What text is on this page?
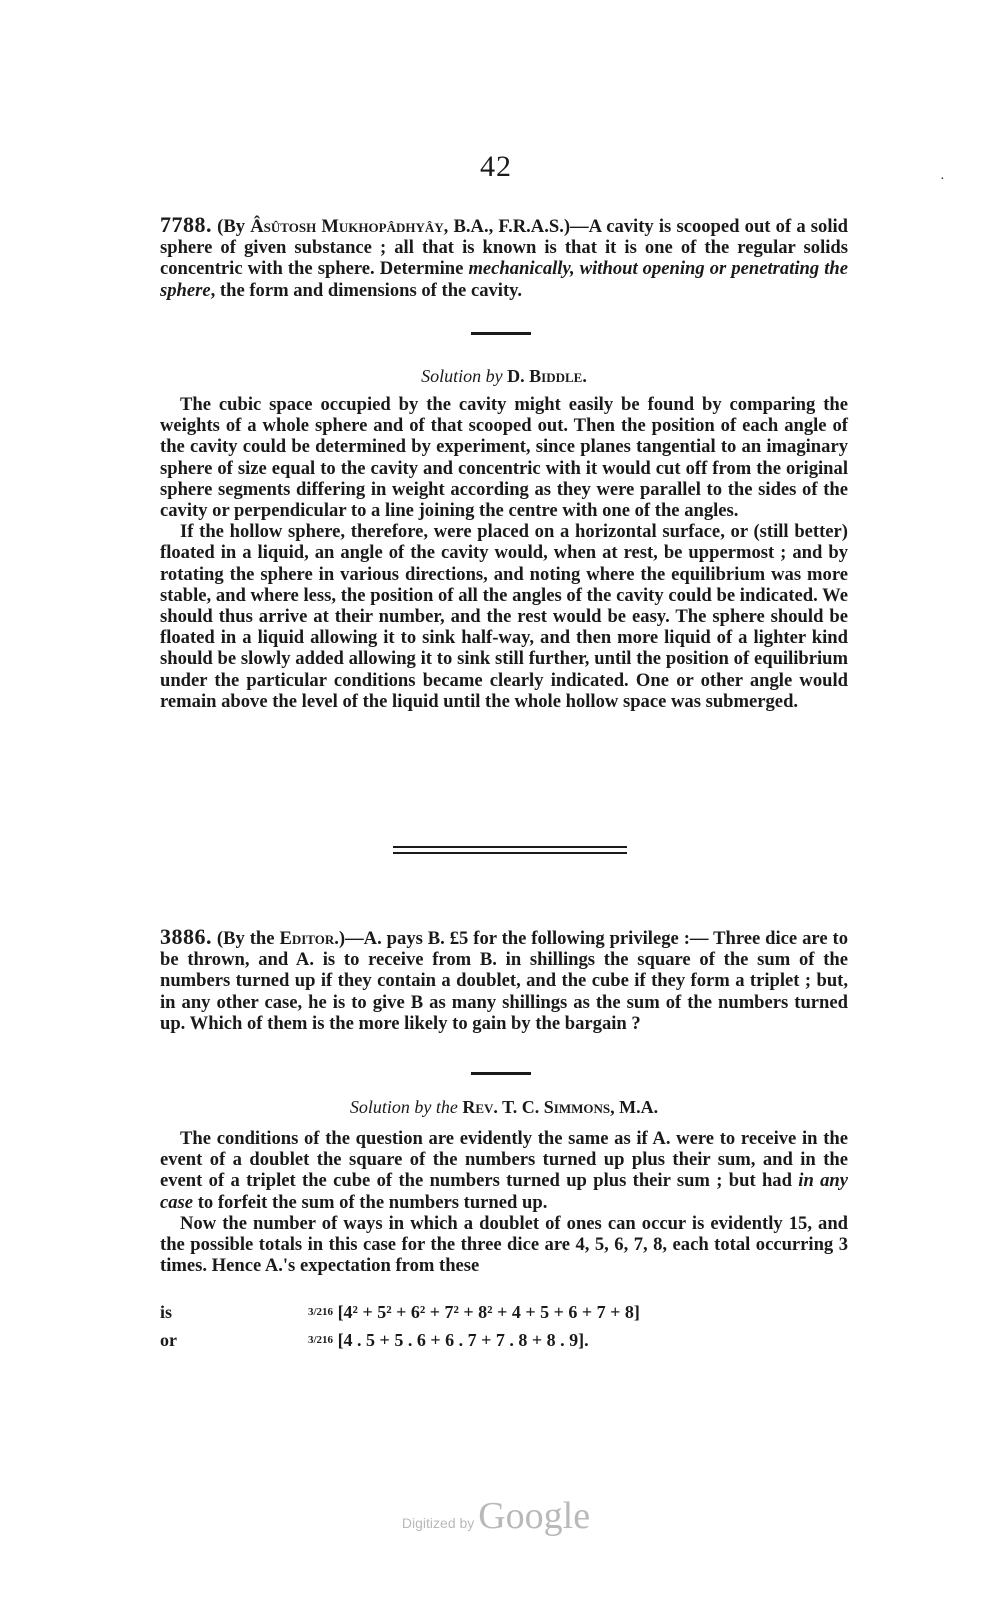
42	·

7788. (By Âsûtosh Mukhopâdhyây, B.A., F.R.A.S.)—A cavity is scooped out of a solid sphere of given substance ; all that is known is that it is one of the regular solids concentric with the sphere. Determine mechanically, without opening or penetrating the sphere, the form and dimensions of the cavity.

Solution by D. Biddle.

The cubic space occupied by the cavity might easily be found by comparing the weights of a whole sphere and of that scooped out. Then the position of each angle of the cavity could be determined by experiment, since planes tangential to an imaginary sphere of size equal to the cavity and concentric with it would cut off from the original sphere segments differing in weight according as they were parallel to the sides of the cavity or perpendicular to a line joining the centre with one of the angles.

If the hollow sphere, therefore, were placed on a horizontal surface, or (still better) floated in a liquid, an angle of the cavity would, when at rest, be uppermost ; and by rotating the sphere in various directions, and noting where the equilibrium was more stable, and where less, the position of all the angles of the cavity could be indicated. We should thus arrive at their number, and the rest would be easy. The sphere should be floated in a liquid allowing it to sink half-way, and then more liquid of a lighter kind should be slowly added allowing it to sink still further, until the position of equilibrium under the particular conditions became clearly indicated. One or other angle would remain above the level of the liquid until the whole hollow space was submerged.

3886. (By the Editor.)—A. pays B. £5 for the following privilege :— Three dice are to be thrown, and A. is to receive from B. in shillings the square of the sum of the numbers turned up if they contain a doublet, and the cube if they form a triplet ; but, in any other case, he is to give B as many shillings as the sum of the numbers turned up. Which of them is the more likely to gain by the bargain ?

Solution by the Rev. T. C. Simmons, M.A.

The conditions of the question are evidently the same as if A. were to receive in the event of a doublet the square of the numbers turned up plus their sum, and in the event of a triplet the cube of the numbers turned up plus their sum ; but had in any case to forfeit the sum of the numbers turned up.

Now the number of ways in which a doublet of ones can occur is evidently 15, and the possible totals in this case for the three dice are 4, 5, 6, 7, 8, each total occurring 3 times. Hence A.'s expectation from these

is	3/216 [4² + 5² + 6² + 7² + 8² + 4 + 5 + 6 + 7 + 8]
or	3/216 [4 . 5 + 5 . 6 + 6 . 7 + 7 . 8 + 8 . 9].
Digitized by Google
